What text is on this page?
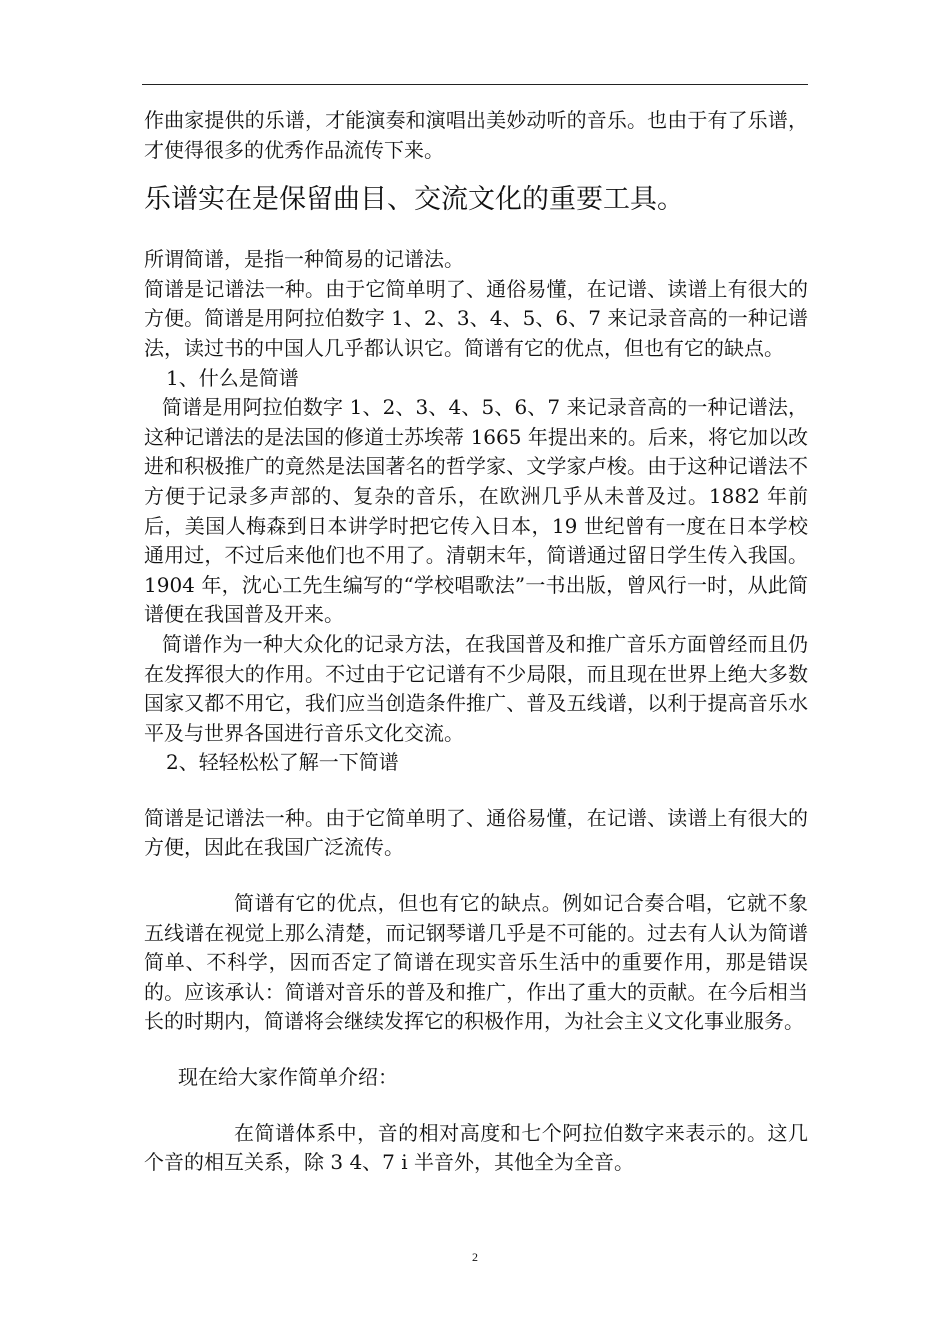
作曲家提供的乐谱，才能演奏和演唱出美妙动听的音乐。也由于有了乐谱，才使得很多的优秀作品流传下来。

乐谱实在是保留曲目、交流文化的重要工具。

所谓简谱，是指一种简易的记谱法。

简谱是记谱法一种。由于它简单明了、通俗易懂，在记谱、读谱上有很大的方便。简谱是用阿拉伯数字 1、2、3、4、5、6、7 来记录音高的一种记谱法，读过书的中国人几乎都认识它。简谱有它的优点，但也有它的缺点。

1、什么是简谱

简谱是用阿拉伯数字 1、2、3、4、5、6、7 来记录音高的一种记谱法，这种记谱法的是法国的修道士苏埃蒂 1665 年提出来的。后来，将它加以改进和积极推广的竟然是法国著名的哲学家、文学家卢梭。由于这种记谱法不方便于记录多声部的、复杂的音乐，在欧洲几乎从未普及过。1882 年前后，美国人梅森到日本讲学时把它传入日本，19 世纪曾有一度在日本学校通用过，不过后来他们也不用了。清朝末年，简谱通过留日学生传入我国。1904 年，沈心工先生编写的“学校唱歌法”一书出版，曾风行一时，从此简谱便在我国普及开来。

简谱作为一种大众化的记录方法，在我国普及和推广音乐方面曾经而且仍在发挥很大的作用。不过由于它记谱有不少局限，而且现在世界上绝大多数国家又都不用它，我们应当创造条件推广、普及五线谱，以利于提高音乐水平及与世界各国进行音乐文化交流。

2、轻轻松松了解一下简谱

简谱是记谱法一种。由于它简单明了、通俗易懂，在记谱、读谱上有很大的方便，因此在我国广泛流传。

简谱有它的优点，但也有它的缺点。例如记合奏合唱，它就不象五线谱在视觉上那么清楚，而记钢琴谱几乎是不可能的。过去有人认为简谱简单、不科学，因而否定了简谱在现实音乐生活中的重要作用，那是错误的。应该承认：简谱对音乐的普及和推广，作出了重大的贡献。在今后相当长的时期内，简谱将会继续发挥它的积极作用，为社会主义文化事业服务。

现在给大家作简单介绍：

在简谱体系中，音的相对高度和七个阿拉伯数字来表示的。这几个音的相互关系，除 3 4、7 i 半音外，其他全为全音。

2
